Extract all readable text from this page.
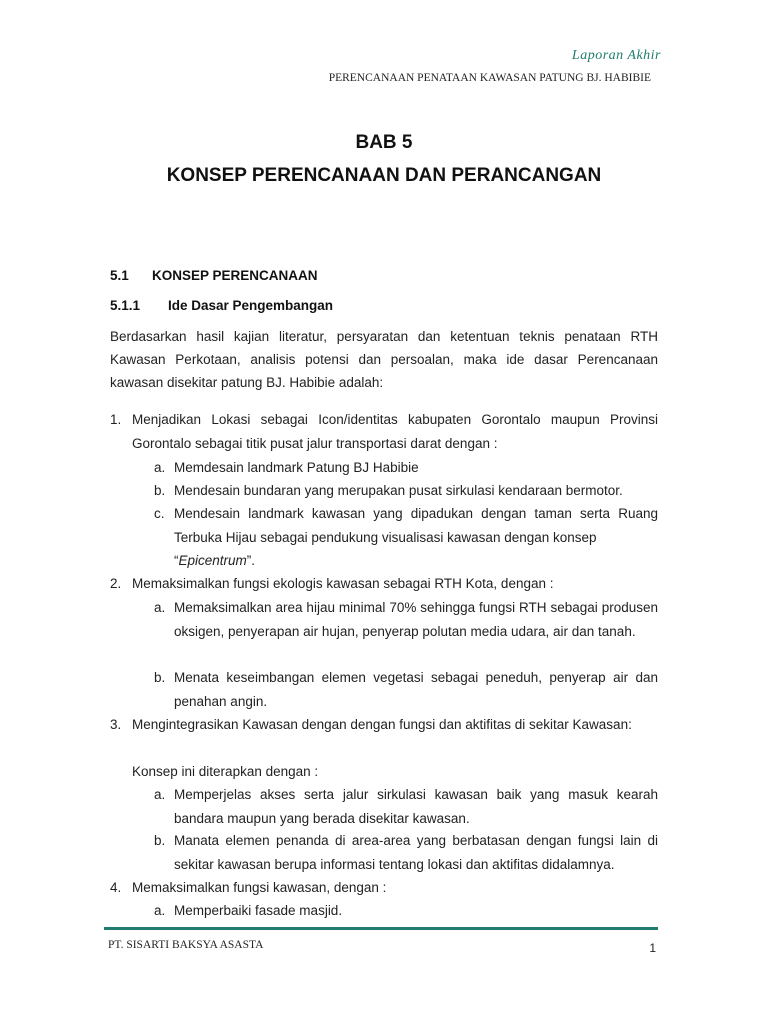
Laporan Akhir
PERENCANAAN PENATAAN KAWASAN PATUNG BJ. HABIBIE
BAB 5
KONSEP PERENCANAAN DAN PERANCANGAN
5.1 KONSEP PERENCANAAN
5.1.1 Ide Dasar Pengembangan
Berdasarkan hasil kajian literatur, persyaratan dan ketentuan teknis penataan RTH Kawasan Perkotaan, analisis potensi dan persoalan, maka ide dasar Perencanaan kawasan disekitar patung BJ. Habibie adalah:
1. Menjadikan Lokasi sebagai Icon/identitas kabupaten Gorontalo maupun Provinsi Gorontalo sebagai titik pusat jalur transportasi darat dengan :
a. Memdesain landmark Patung BJ Habibie
b. Mendesain bundaran yang merupakan pusat sirkulasi kendaraan bermotor.
c. Mendesain landmark kawasan yang dipadukan dengan taman serta Ruang Terbuka Hijau sebagai pendukung visualisasi kawasan dengan konsep
“Epicentrum”.
2. Memaksimalkan fungsi ekologis kawasan sebagai RTH Kota, dengan :
a. Memaksimalkan area hijau minimal 70% sehingga fungsi RTH sebagai produsen oksigen, penyerapan air hujan, penyerap polutan media udara, air dan tanah.
b. Menata keseimbangan elemen vegetasi sebagai peneduh, penyerap air dan penahan angin.
3. Mengintegrasikan Kawasan dengan dengan fungsi dan aktifitas di sekitar Kawasan:
Konsep ini diterapkan dengan :
a. Memperjelas akses serta jalur sirkulasi kawasan baik yang masuk kearah bandara maupun yang berada disekitar kawasan.
b. Manata elemen penanda di area-area yang berbatasan dengan fungsi lain di sekitar kawasan berupa informasi tentang lokasi dan aktifitas didalamnya.
4. Memaksimalkan fungsi kawasan, dengan :
a. Memperbaiki fasade masjid.
PT. SISARTI BAKSYA ASASTA	1
